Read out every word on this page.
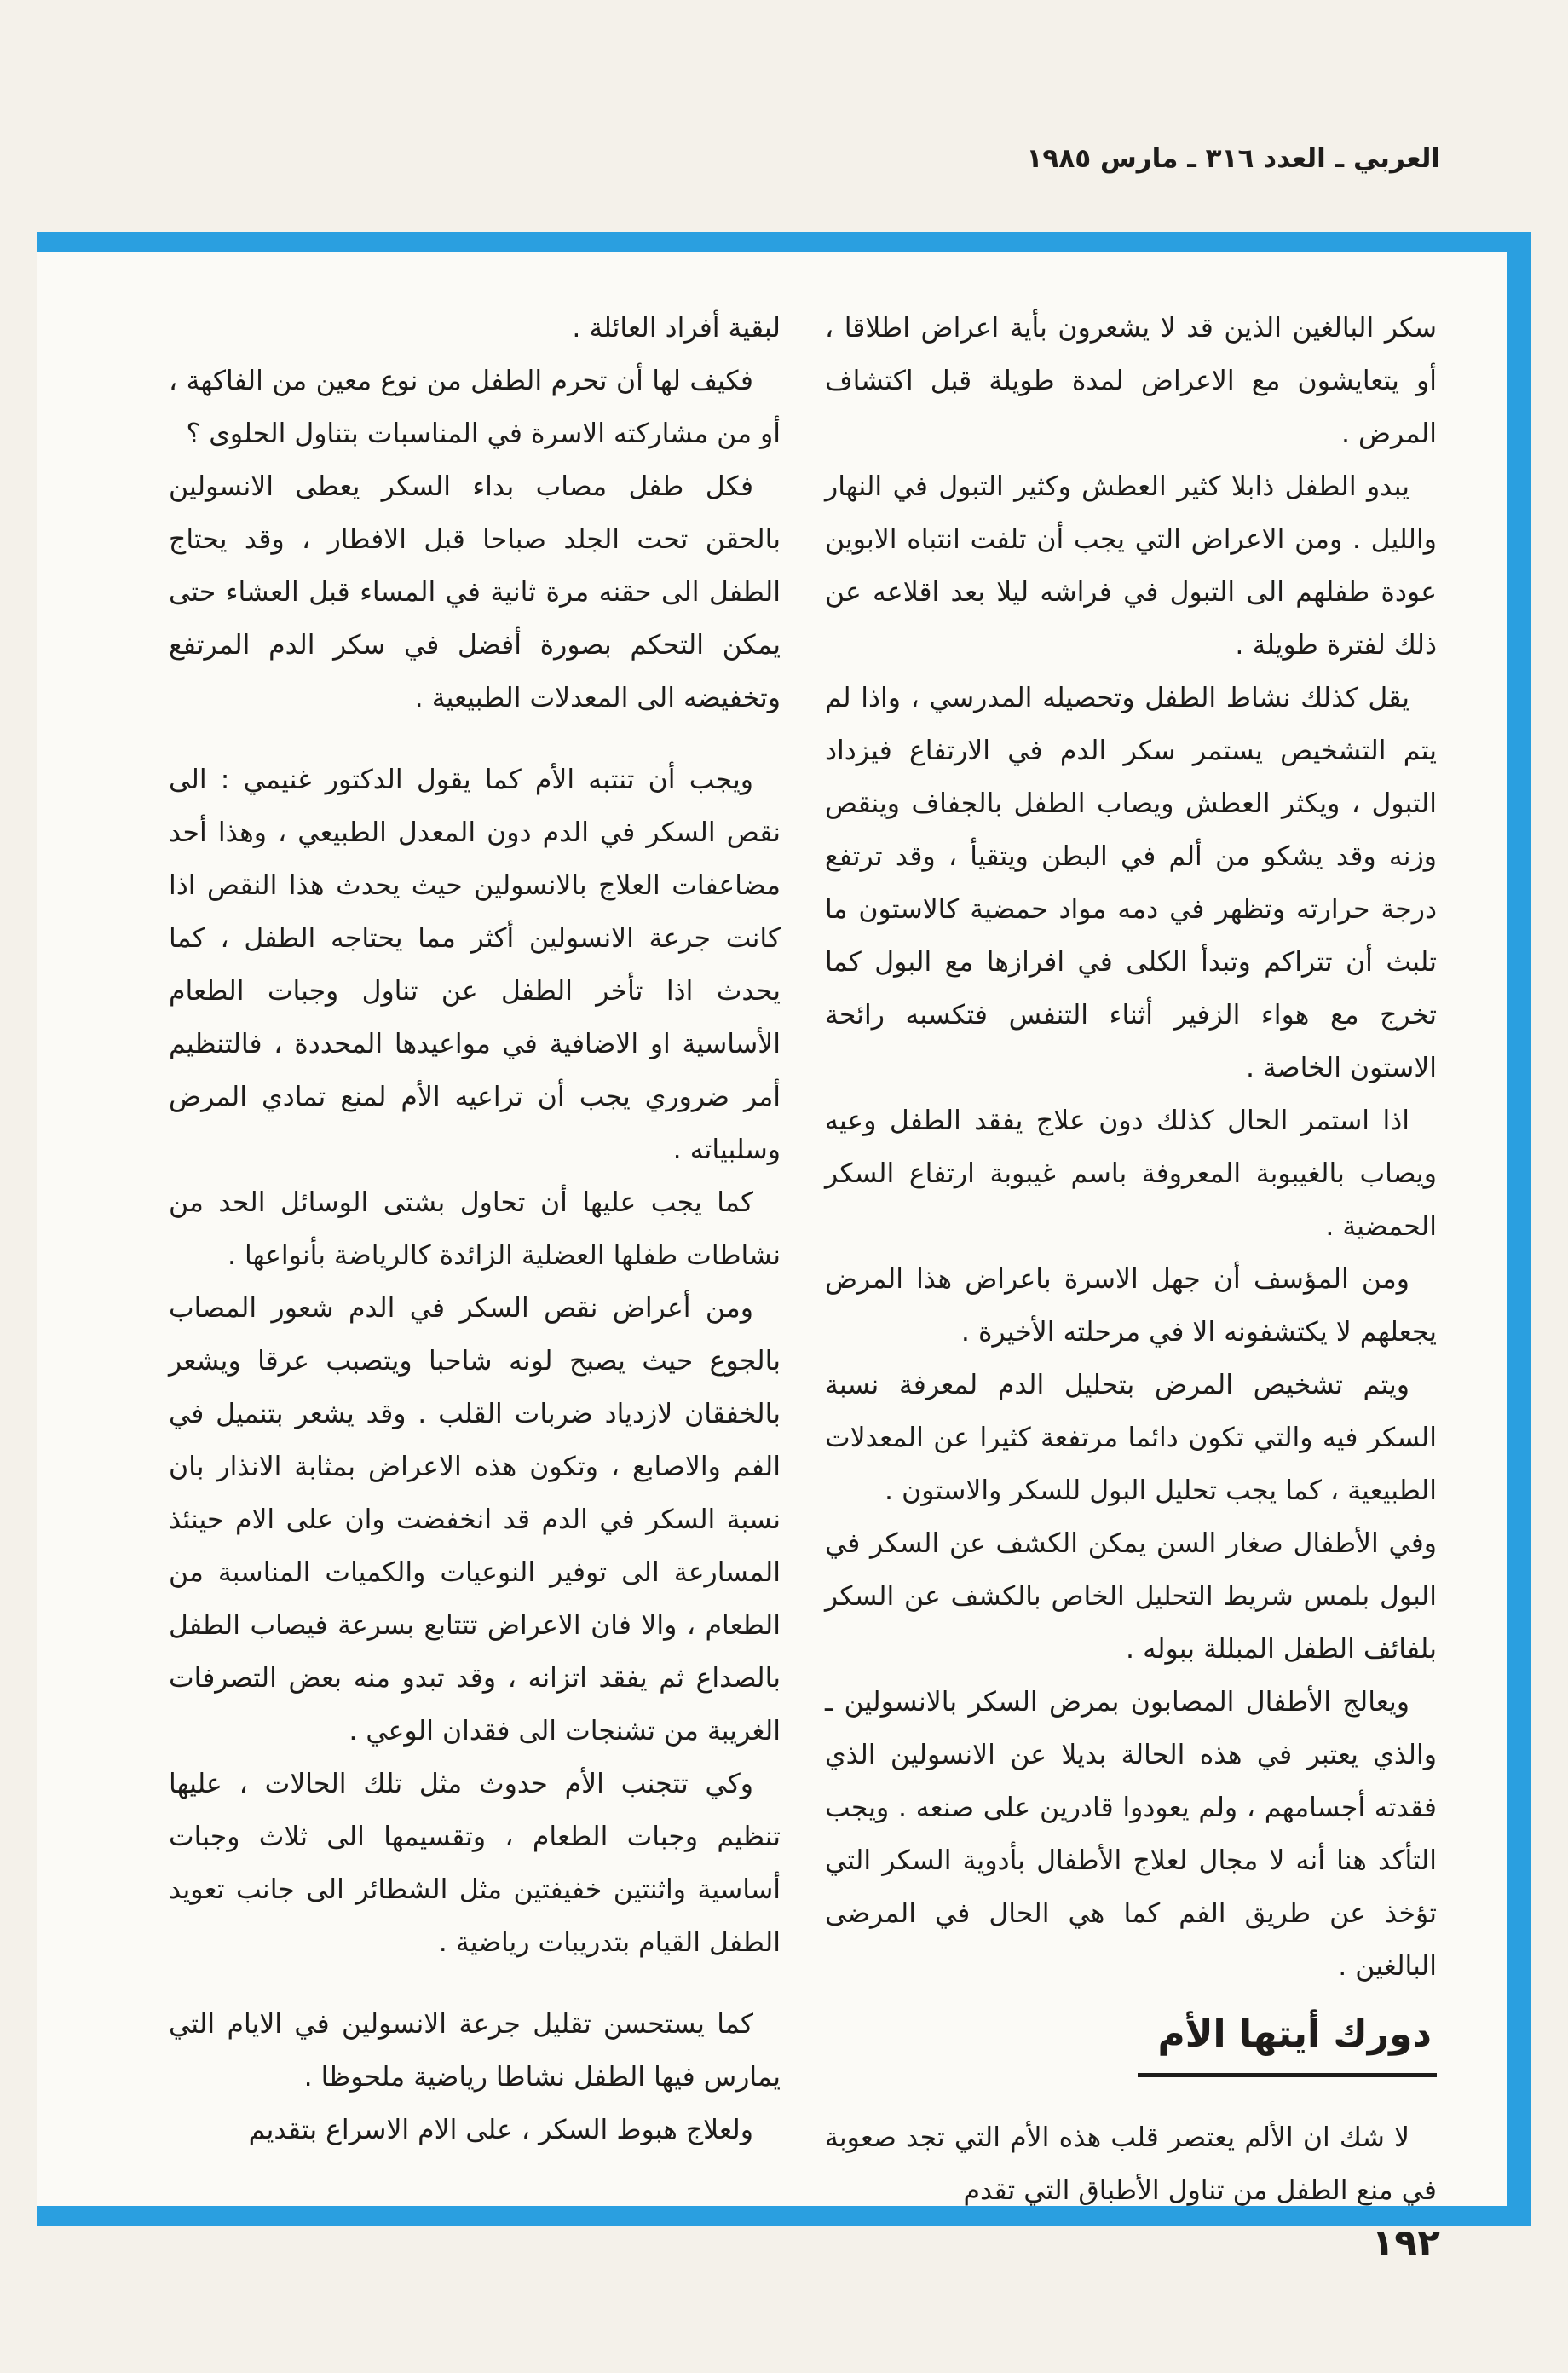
العربي ـ العدد ٣١٦ ـ مارس ١٩٨٥

سكر البالغين الذين قد لا يشعرون بأية اعراض اطلاقا ، أو يتعايشون مع الاعراض لمدة طويلة قبل اكتشاف المرض .

يبدو الطفل ذابلا كثير العطش وكثير التبول في النهار والليل . ومن الاعراض التي يجب أن تلفت انتباه الابوين عودة طفلهم الى التبول في فراشه ليلا بعد اقلاعه عن ذلك لفترة طويلة .

يقل كذلك نشاط الطفل وتحصيله المدرسي ، واذا لم يتم التشخيص يستمر سكر الدم في الارتفاع فيزداد التبول ، ويكثر العطش ويصاب الطفل بالجفاف وينقص وزنه وقد يشكو من ألم في البطن ويتقيأ ، وقد ترتفع درجة حرارته وتظهر في دمه مواد حمضية كالاستون ما تلبث أن تتراكم وتبدأ الكلى في افرازها مع البول كما تخرج مع هواء الزفير أثناء التنفس فتكسبه رائحة الاستون الخاصة .

اذا استمر الحال كذلك دون علاج يفقد الطفل وعيه ويصاب بالغيبوبة المعروفة باسم غيبوبة ارتفاع السكر الحمضية .

ومن المؤسف أن جهل الاسرة باعراض هذا المرض يجعلهم لا يكتشفونه الا في مرحلته الأخيرة .

ويتم تشخيص المرض بتحليل الدم لمعرفة نسبة السكر فيه والتي تكون دائما مرتفعة كثيرا عن المعدلات الطبيعية ، كما يجب تحليل البول للسكر والاستون .

وفي الأطفال صغار السن يمكن الكشف عن السكر في البول بلمس شريط التحليل الخاص بالكشف عن السكر بلفائف الطفل المبللة ببوله .

ويعالج الأطفال المصابون بمرض السكر بالانسولين ـ والذي يعتبر في هذه الحالة بديلا عن الانسولين الذي فقدته أجسامهم ، ولم يعودوا قادرين على صنعه . ويجب التأكد هنا أنه لا مجال لعلاج الأطفال بأدوية السكر التي تؤخذ عن طريق الفم كما هي الحال في المرضى البالغين .

دورك أيتها الأم

لا شك ان الألم يعتصر قلب هذه الأم التي تجد صعوبة في منع الطفل من تناول الأطباق التي تقدم

لبقية أفراد العائلة .

فكيف لها أن تحرم الطفل من نوع معين من الفاكهة ، أو من مشاركته الاسرة في المناسبات بتناول الحلوى ؟

فكل طفل مصاب بداء السكر يعطى الانسولين بالحقن تحت الجلد صباحا قبل الافطار ، وقد يحتاج الطفل الى حقنه مرة ثانية في المساء قبل العشاء حتى يمكن التحكم بصورة أفضل في سكر الدم المرتفع وتخفيضه الى المعدلات الطبيعية .

ويجب أن تنتبه الأم كما يقول الدكتور غنيمي : الى نقص السكر في الدم دون المعدل الطبيعي ، وهذا أحد مضاعفات العلاج بالانسولين حيث يحدث هذا النقص اذا كانت جرعة الانسولين أكثر مما يحتاجه الطفل ، كما يحدث اذا تأخر الطفل عن تناول وجبات الطعام الأساسية او الاضافية في مواعيدها المحددة ، فالتنظيم أمر ضروري يجب أن تراعيه الأم لمنع تمادي المرض وسلبياته .

كما يجب عليها أن تحاول بشتى الوسائل الحد من نشاطات طفلها العضلية الزائدة كالرياضة بأنواعها .

ومن أعراض نقص السكر في الدم شعور المصاب بالجوع حيث يصبح لونه شاحبا ويتصبب عرقا ويشعر بالخفقان لازدياد ضربات القلب . وقد يشعر بتنميل في الفم والاصابع ، وتكون هذه الاعراض بمثابة الانذار بان نسبة السكر في الدم قد انخفضت وان على الام حينئذ المسارعة الى توفير النوعيات والكميات المناسبة من الطعام ، والا فان الاعراض تتتابع بسرعة فيصاب الطفل بالصداع ثم يفقد اتزانه ، وقد تبدو منه بعض التصرفات الغريبة من تشنجات الى فقدان الوعي .

وكي تتجنب الأم حدوث مثل تلك الحالات ، عليها تنظيم وجبات الطعام ، وتقسيمها الى ثلاث وجبات أساسية واثنتين خفيفتين مثل الشطائر الى جانب تعويد الطفل القيام بتدريبات رياضية .

كما يستحسن تقليل جرعة الانسولين في الايام التي يمارس فيها الطفل نشاطا رياضية ملحوظا .

ولعلاج هبوط السكر ، على الام الاسراع بتقديم

١٩٢
